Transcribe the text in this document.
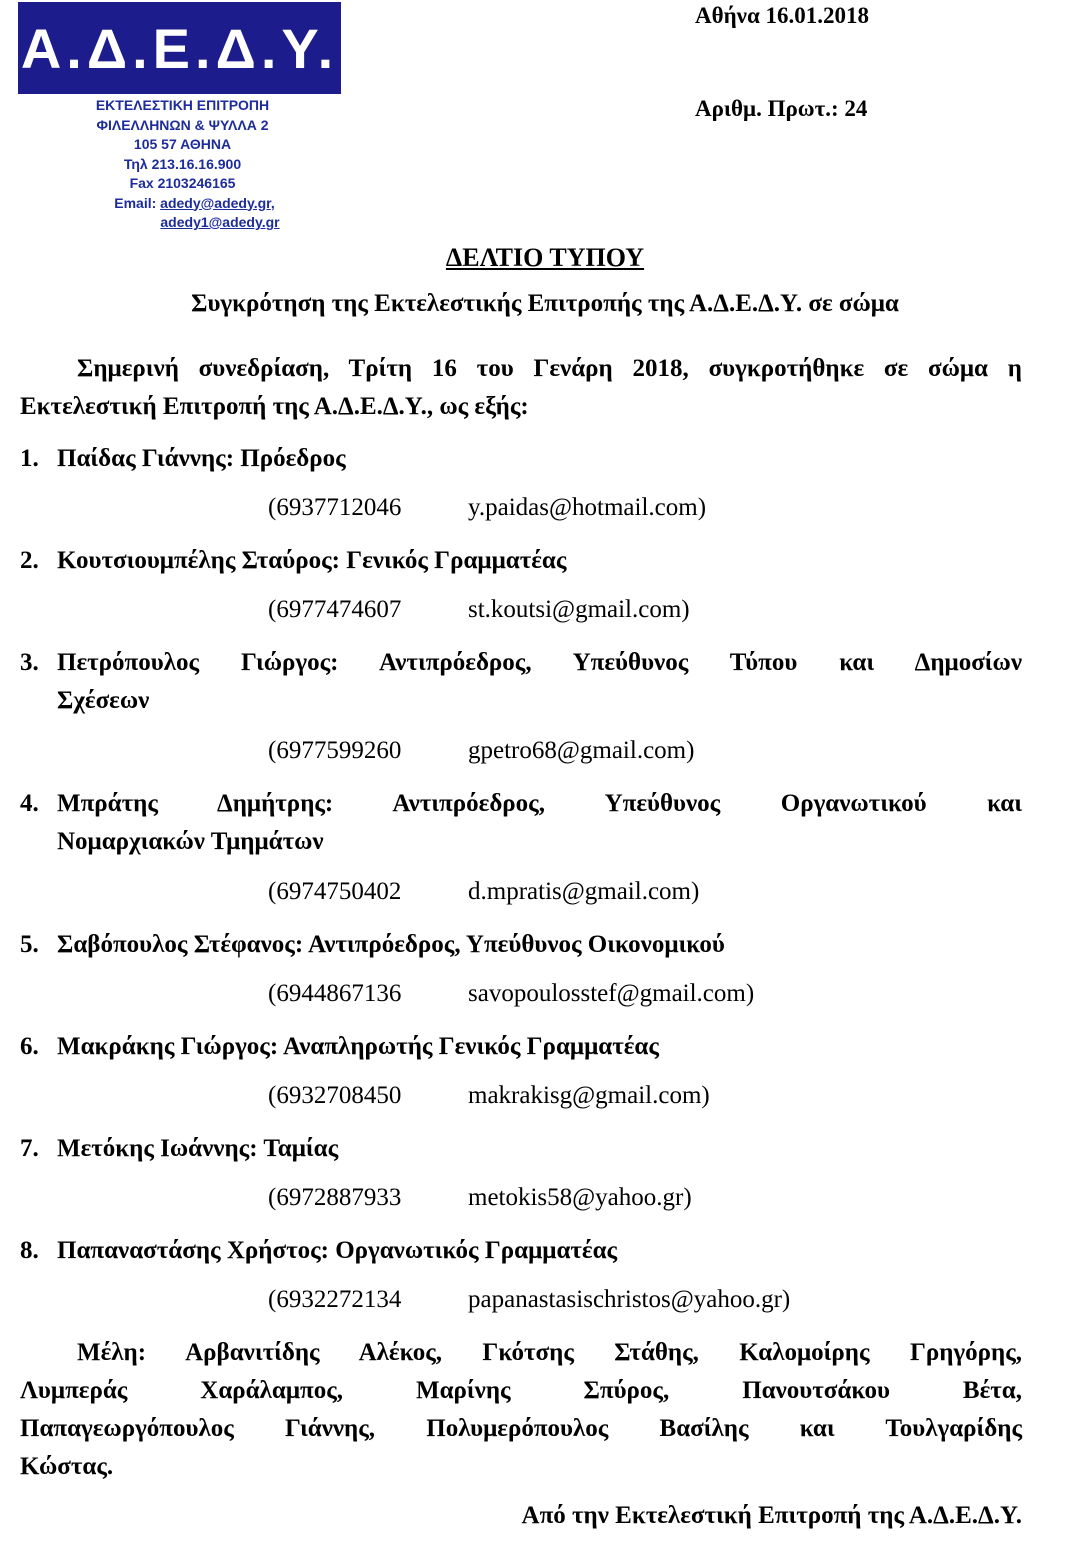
Α.Δ.Ε.Δ.Υ.
ΕΚΤΕΛΕΣΤΙΚΗ ΕΠΙΤΡΟΠΗ
ΦΙΛΕΛΛΗΝΩΝ & ΨΥΛΛΑ 2
105 57 ΑΘΗΝΑ
Τηλ 213.16.16.900
Fax 2103246165
Email: adedy@adedy.gr,
adedy1@adedy.gr
Αθήνα 16.01.2018
Αριθμ. Πρωτ.: 24
ΔΕΛΤΙΟ ΤΥΠΟΥ
Συγκρότηση της Εκτελεστικής Επιτροπής της Α.Δ.Ε.Δ.Υ. σε σώμα
Σημερινή συνεδρίαση, Τρίτη 16 του Γενάρη 2018, συγκροτήθηκε σε σώμα η
Εκτελεστική Επιτροπή της Α.Δ.Ε.Δ.Υ., ως εξής:
1. Παίδας Γιάννης: Πρόεδρος
(6937712046	y.paidas@hotmail.com)
2. Κουτσιουμπέλης Σταύρος: Γενικός Γραμματέας
(6977474607	st.koutsi@gmail.com)
3. Πετρόπουλος Γιώργος: Αντιπρόεδρος, Υπεύθυνος Τύπου και Δημοσίων
Σχέσεων
(6977599260	gpetro68@gmail.com)
4. Μπράτης Δημήτρης: Αντιπρόεδρος, Υπεύθυνος Οργανωτικού και
Νομαρχιακών Τμημάτων
(6974750402	d.mpratis@gmail.com)
5. Σαβόπουλος Στέφανος: Αντιπρόεδρος, Υπεύθυνος Οικονομικού
(6944867136	savopoulosstef@gmail.com)
6. Μακράκης Γιώργος: Αναπληρωτής Γενικός Γραμματέας
(6932708450	makrakisg@gmail.com)
7. Μετόκης Ιωάννης: Ταμίας
(6972887933	metokis58@yahoo.gr)
8. Παπαναστάσης Χρήστος: Οργανωτικός Γραμματέας
(6932272134	papanastasischristos@yahoo.gr)
Μέλη: Αρβανιτίδης Αλέκος, Γκότσης Στάθης, Καλομοίρης Γρηγόρης,
Λυμπεράς Χαράλαμπος, Μαρίνης Σπύρος, Πανουτσάκου Βέτα,
Παπαγεωργόπουλος Γιάννης, Πολυμερόπουλος Βασίλης και Τουλγαρίδης
Κώστας.
Από την Εκτελεστική Επιτροπή της Α.Δ.Ε.Δ.Υ.
